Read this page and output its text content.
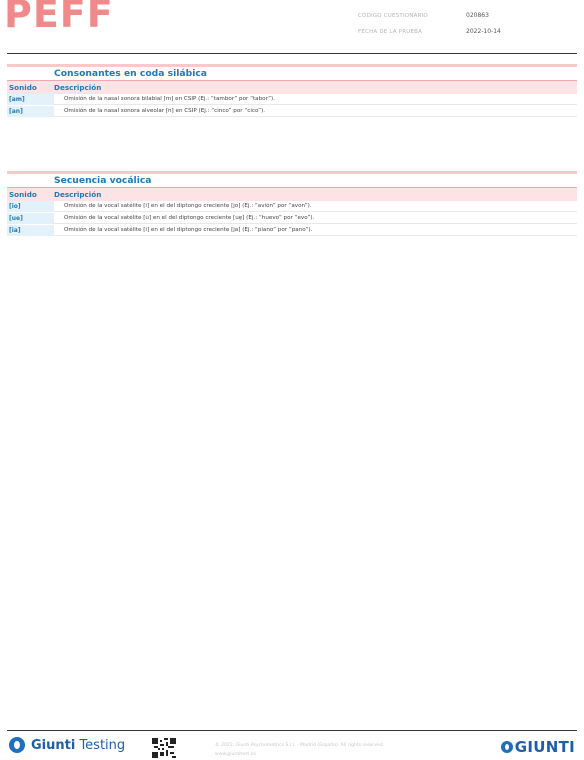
PEFF	CÓDIGO CUESTIONARIO	020863
FECHA DE LA PRUEBA	2022-10-14
Consonantes en coda silábica
Sonido	Descripción
[am]	Omisión de la nasal sonora bilabial [m] en CSIP (Ej.: “tambor” por “tabor”).
[an]	Omisión de la nasal sonora alveolar [n] en CSIP (Ej.: “cinco” por “cico”).
Secuencia vocálica
Sonido	Descripción
[io]	Omisión de la vocal satélite [i] en el del diptongo creciente [jo] (Ej.: “avión” por “avon”).
[ue]	Omisión de la vocal satélite [u] en el del diptongo creciente [ue̯] (Ej.: “huevo” por “evo”).
[ia]	Omisión de la vocal satélite [i] en el del diptongo creciente [ja] (Ej.: “piano” por “pano”).
Giunti Testing	© 2022, Giunti Psychometrics S.r.l. - Madrid (España). All rights reserved.
www.giuntitest.es	GIUNTI
